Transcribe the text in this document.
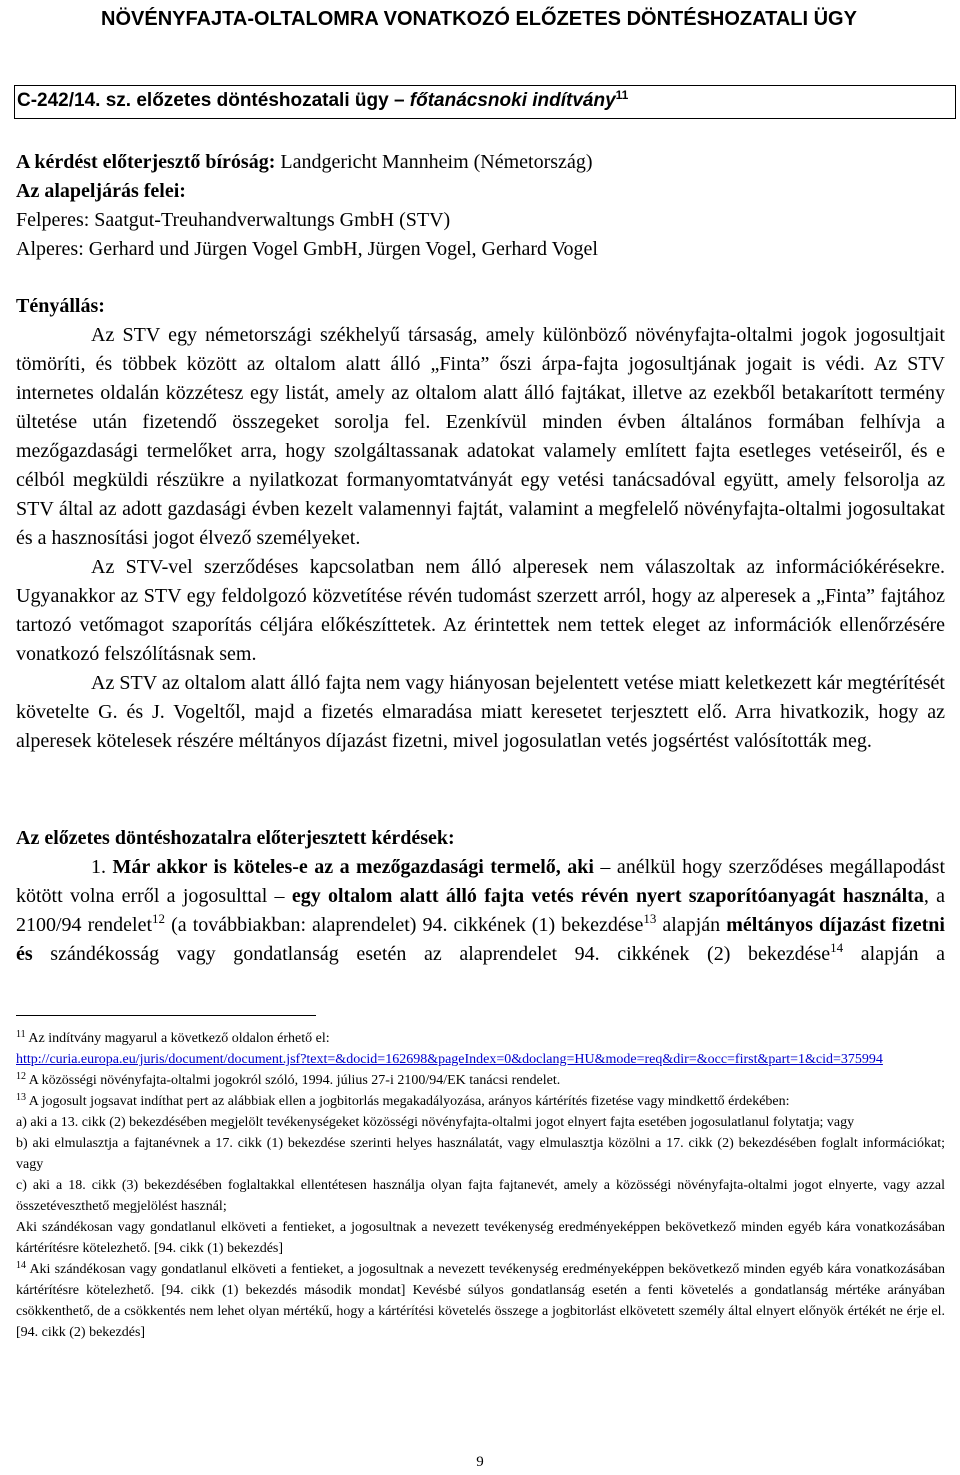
NÖVÉNYFAJTA-OLTALOMRA VONATKOZÓ ELŐZETES DÖNTÉSHOZATALI ÜGY
C-242/14. sz. előzetes döntéshozatali ügy – főtanácsnoki indítvány$^{11}$
A kérdést előterjesztő bíróság: Landgericht Mannheim (Németország)
Az alapeljárás felei:
Felperes: Saatgut-Treuhandverwaltungs GmbH (STV)
Alperes: Gerhard und Jürgen Vogel GmbH, Jürgen Vogel, Gerhard Vogel
Tényállás:

Az STV egy németországi székhelyű társaság, amely különböző növényfajta-oltalmi jogok jogosultjait tömöríti, és többek között az oltalom alatt álló „Finta” őszi árpa-fajta jogosultjának jogait is védi. Az STV internetes oldalán közzétesz egy listát, amely az oltalom alatt álló fajtákat, illetve az ezekből betakarított termény ültetése után fizetendő összegeket sorolja fel. Ezenkívül minden évben általános formában felhívja a mezőgazdasági termelőket arra, hogy szolgáltassanak adatokat valamely említett fajta esetleges vetéseiről, és e célból megküldi részükre a nyilatkozat formanyomtatványát egy vetési tanácsadóval együtt, amely felsorolja az STV által az adott gazdasági évben kezelt valamennyi fajtát, valamint a megfelelő növényfajta-oltalmi jogosultakat és a hasznosítási jogot élvező személyeket.

Az STV-vel szerződéses kapcsolatban nem álló alperesek nem válaszoltak az információkérésekre. Ugyanakkor az STV egy feldolgozó közvetítése révén tudomást szerzett arról, hogy az alperesek a „Finta” fajtához tartozó vetőmagot szaporítás céljára előkészíttetek. Az érintettek nem tettek eleget az információk ellenőrzésére vonatkozó felszólításnak sem.

Az STV az oltalom alatt álló fajta nem vagy hiányosan bejelentett vetése miatt keletkezett kár megtérítését követelte G. és J. Vogeltől, majd a fizetés elmaradása miatt keresetet terjesztett elő. Arra hivatkozik, hogy az alperesek kötelesek részére méltányos díjazást fizetni, mivel jogosulatlan vetés jogsértést valósították meg.

Az előzetes döntéshozatalra előterjesztett kérdések:

1. Már akkor is köteles-e az a mezőgazdasági termelő, aki – anélkül hogy szerződéses megállapodást kötött volna erről a jogosulttal – egy oltalom alatt álló fajta vetés révén nyert szaporítóanyagát használta, a 2100/94 rendelet$^{12}$ (a továbbiakban: alaprendelet) 94. cikkének (1) bekezdése$^{13}$ alapján méltányos díjazást fizetni és szándékosság vagy gondatlanság esetén az alaprendelet 94. cikkének (2) bekezdése$^{14}$ alapján a

$^{11}$ Az indítvány magyarul a következő oldalon érhető el:
http://curia.europa.eu/juris/document/document.jsf?text=&docid=162698&pageIndex=0&doclang=HU&mode=req&dir=&occ=first&part=1&cid=375994

$^{12}$ A közösségi növényfajta-oltalmi jogokról szóló, 1994. július 27-i 2100/94/EK tanácsi rendelet.

$^{13}$ A jogosult jogsavat indíthat pert az alábbiak ellen a jogbitorlás megakadályozása, arányos kártérítés fizetése vagy mindkettő érdekében:

a) aki a 13. cikk (2) bekezdésében megjelölt tevékenységeket közösségi növényfajta-oltalmi jogot elnyert fajta esetében jogosulatlanul folytatja; vagy

b) aki elmulasztja a fajtanévnek a 17. cikk (1) bekezdése szerinti helyes használatát, vagy elmulasztja közölni a 17. cikk (2) bekezdésében foglalt információkat; vagy

c) aki a 18. cikk (3) bekezdésében foglaltakkal ellentétesen használja olyan fajta fajtanevét, amely a közösségi növényfajta-oltalmi jogot elnyerte, vagy azzal összetéveszthető megjelölést használ;

Aki szándékosan vagy gondatlanul elköveti a fentieket, a jogosultnak a nevezett tevékenység eredményeképpen bekövetkező minden egyéb kára vonatkozásában kártérítésre kötelezhető. [94. cikk (1) bekezdés]

$^{14}$ Aki szándékosan vagy gondatlanul elköveti a fentieket, a jogosultnak a nevezett tevékenység eredményeképpen bekövetkező minden egyéb kára vonatkozásában kártérítésre kötelezhető. [94. cikk (1) bekezdés második mondat] Kevésbé súlyos gondatlanság esetén a fenti követelés a gondatlanság mértéke arányában csökkenthető, de a csökkentés nem lehet olyan mértékű, hogy a kártérítési követelés összege a jogbitorlást elkövetett személy által elnyert előnyök értékét ne érje el. [94. cikk (2) bekezdés]

9
